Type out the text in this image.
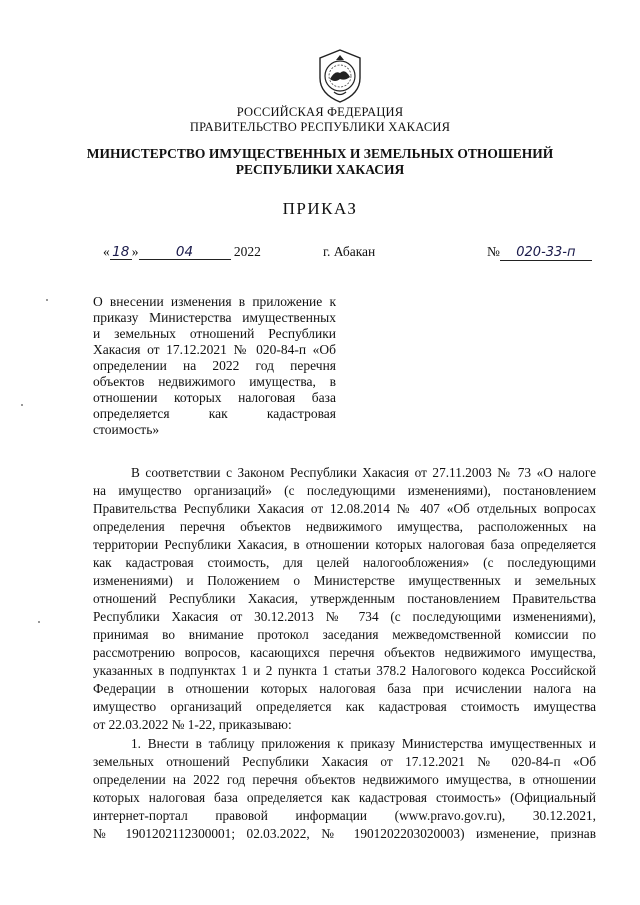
РОССИЙСКАЯ ФЕДЕРАЦИЯ
ПРАВИТЕЛЬСТВО РЕСПУБЛИКИ ХАКАСИЯ
МИНИСТЕРСТВО ИМУЩЕСТВЕННЫХ И ЗЕМЕЛЬНЫХ ОТНОШЕНИЙ
РЕСПУБЛИКИ ХАКАСИЯ
ПРИКАЗ
« 18 »	04	2022	г. Абакан	№ 020-33-п
О внесении изменения в приложение к
приказу Министерства имущественных
и земельных отношений Республики
Хакасия от 17.12.2021 № 020-84-п «Об
определении на 2022 год перечня
объектов недвижимого имущества, в
отношении которых налоговая база
определяется как кадастровая
стоимость»
В соответствии с Законом Республики Хакасия от 27.11.2003 № 73 «О налоге
на имущество организаций» (с последующими изменениями), постановлением
Правительства Республики Хакасия от 12.08.2014 № 407 «Об отдельных вопросах
определения перечня объектов недвижимого имущества, расположенных на
территории Республики Хакасия, в отношении которых налоговая база определяется
как кадастровая стоимость, для целей налогообложения» (с последующими
изменениями) и Положением о Министерстве имущественных и земельных
отношений Республики Хакасия, утвержденным постановлением Правительства
Республики Хакасия от 30.12.2013 № 734 (с последующими изменениями),
принимая во внимание протокол заседания межведомственной комиссии по
рассмотрению вопросов, касающихся перечня объектов недвижимого имущества,
указанных в подпунктах 1 и 2 пункта 1 статьи 378.2 Налогового кодекса Российской
Федерации в отношении которых налоговая база при исчислении налога на
имущество организаций определяется как кадастровая стоимость имущества
от 22.03.2022 № 1-22, приказываю:
1. Внести в таблицу приложения к приказу Министерства имущественных и
земельных отношений Республики Хакасия от 17.12.2021 № 020-84-п «Об
определении на 2022 год перечня объектов недвижимого имущества, в отношении
которых налоговая база определяется как кадастровая стоимость» (Официальный
интернет-портал правовой информации (www.pravo.gov.ru), 30.12.2021,
№ 1901202112300001; 02.03.2022, № 1901202203020003) изменение, признав
